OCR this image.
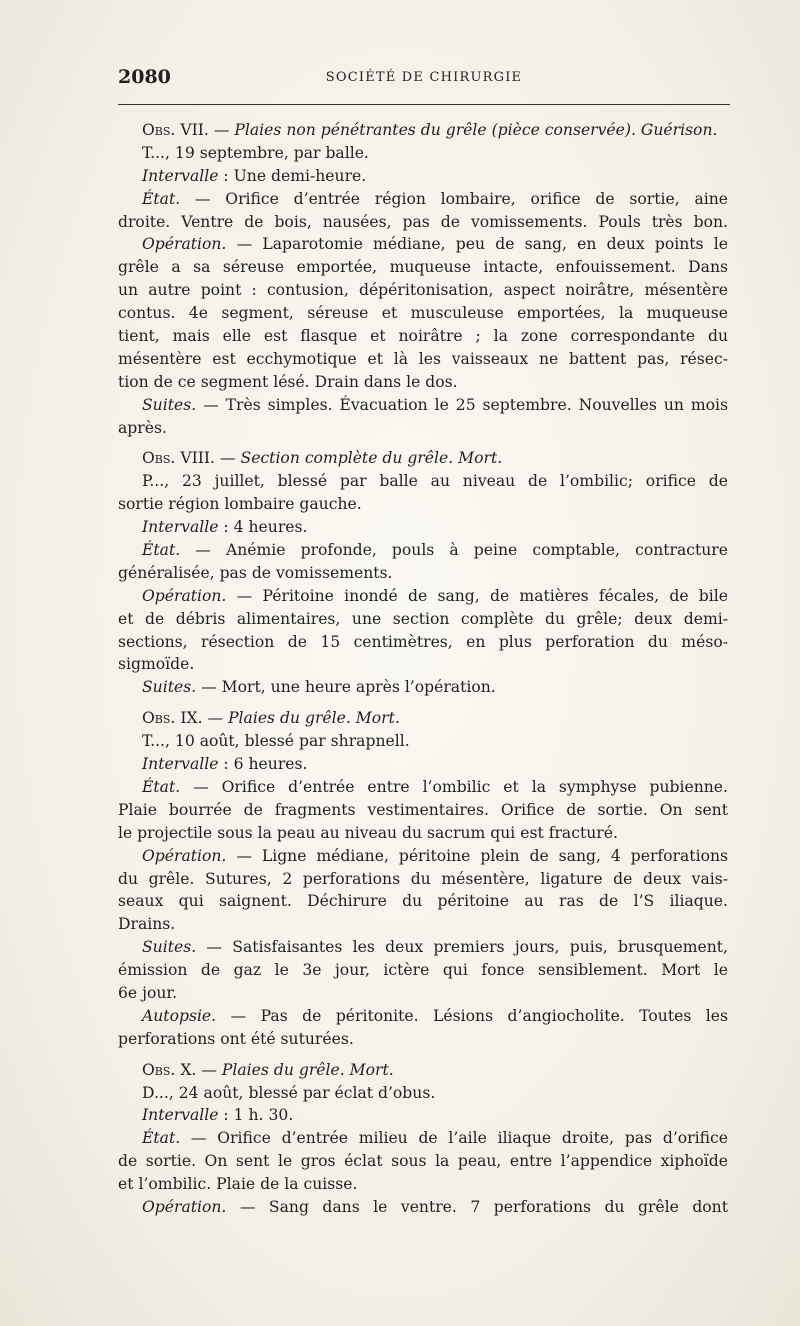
2080	SOCIÉTÉ DE CHIRURGIE
Obs. VII. — Plaies non pénétrantes du grêle (pièce conservée). Guérison.
T..., 19 septembre, par balle.
Intervalle : Une demi-heure.
État. — Orifice d’entrée région lombaire, orifice de sortie, aine
droite. Ventre de bois, nausées, pas de vomissements. Pouls très bon.
Opération. — Laparotomie médiane, peu de sang, en deux points le
grêle a sa séreuse emportée, muqueuse intacte, enfouissement. Dans
un autre point : contusion, dépéritonisation, aspect noirâtre, mésentère
contus. 4e segment, séreuse et musculeuse emportées, la muqueuse
tient, mais elle est flasque et noirâtre ; la zone correspondante du
mésentère est ecchymotique et là les vaisseaux ne battent pas, résec-
tion de ce segment lésé. Drain dans le dos.
Suites. — Très simples. Évacuation le 25 septembre. Nouvelles un mois
après.
Obs. VIII. — Section complète du grêle. Mort.
P..., 23 juillet, blessé par balle au niveau de l’ombilic; orifice de
sortie région lombaire gauche.
Intervalle : 4 heures.
État. — Anémie profonde, pouls à peine comptable, contracture
généralisée, pas de vomissements.
Opération. — Péritoine inondé de sang, de matières fécales, de bile
et de débris alimentaires, une section complète du grêle; deux demi-
sections, résection de 15 centimètres, en plus perforation du méso-
sigmoïde.
Suites. — Mort, une heure après l’opération.
Obs. IX. — Plaies du grêle. Mort.
T..., 10 août, blessé par shrapnell.
Intervalle : 6 heures.
État. — Orifice d’entrée entre l’ombilic et la symphyse pubienne.
Plaie bourrée de fragments vestimentaires. Orifice de sortie. On sent
le projectile sous la peau au niveau du sacrum qui est fracturé.
Opération. — Ligne médiane, péritoine plein de sang, 4 perforations
du grêle. Sutures, 2 perforations du mésentère, ligature de deux vais-
seaux qui saignent. Déchirure du péritoine au ras de l’S iliaque.
Drains.
Suites. — Satisfaisantes les deux premiers jours, puis, brusquement,
émission de gaz le 3e jour, ictère qui fonce sensiblement. Mort le
6e jour.
Autopsie. — Pas de péritonite. Lésions d’angiocholite. Toutes les
perforations ont été suturées.
Obs. X. — Plaies du grêle. Mort.
D..., 24 août, blessé par éclat d’obus.
Intervalle : 1 h. 30.
État. — Orifice d’entrée milieu de l’aile iliaque droite, pas d’orifice
de sortie. On sent le gros éclat sous la peau, entre l’appendice xiphoïde
et l’ombilic. Plaie de la cuisse.
Opération. — Sang dans le ventre. 7 perforations du grêle dont
